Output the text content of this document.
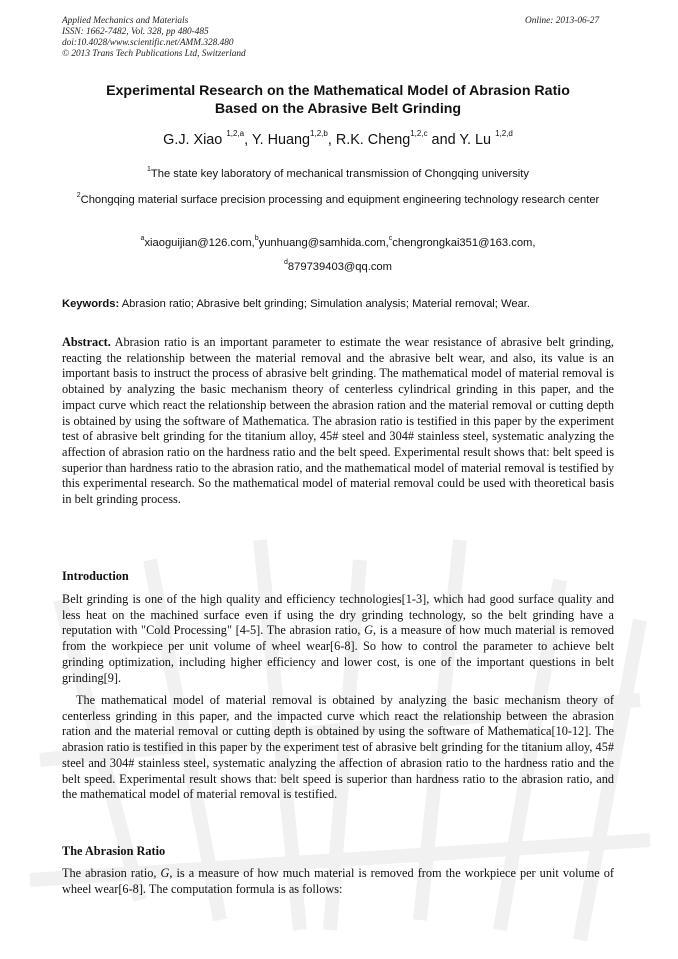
Applied Mechanics and Materials
ISSN: 1662-7482, Vol. 328, pp 480-485
doi:10.4028/www.scientific.net/AMM.328.480
© 2013 Trans Tech Publications Ltd, Switzerland
Online: 2013-06-27
Experimental Research on the Mathematical Model of Abrasion Ratio
Based on the Abrasive Belt Grinding
G.J. Xiao $^{1,2,a}$, Y. Huang$^{1,2,b}$, R.K. Cheng$^{1,2,c}$ and Y. Lu $^{1,2,d}$
$^1$The state key laboratory of mechanical transmission of Chongqing university
$^2$Chongqing material surface precision processing and equipment engineering technology research center
$^a$xiaoguijian@126.com,$^b$yunhuang@samhida.com,$^c$chengrongkai351@163.com,
$^d$879739403@qq.com
Keywords: Abrasion ratio; Abrasive belt grinding; Simulation analysis; Material removal; Wear.
Abstract. Abrasion ratio is an important parameter to estimate the wear resistance of abrasive belt grinding, reacting the relationship between the material removal and the abrasive belt wear, and also, its value is an important basis to instruct the process of abrasive belt grinding. The mathematical model of material removal is obtained by analyzing the basic mechanism theory of centerless cylindrical grinding in this paper, and the impact curve which react the relationship between the abrasion ration and the material removal or cutting depth is obtained by using the software of Mathematica. The abrasion ratio is testified in this paper by the experiment test of abrasive belt grinding for the titanium alloy, 45# steel and 304# stainless steel, systematic analyzing the affection of abrasion ratio on the hardness ratio and the belt speed. Experimental result shows that: belt speed is superior than hardness ratio to the abrasion ratio, and the mathematical model of material removal is testified by this experimental research. So the mathematical model of material removal could be used with theoretical basis in belt grinding process.
Introduction
Belt grinding is one of the high quality and efficiency technologies[1-3], which had good surface quality and less heat on the machined surface even if using the dry grinding technology, so the belt grinding have a reputation with "Cold Processing" [4-5]. The abrasion ratio, G, is a measure of how much material is removed from the workpiece per unit volume of wheel wear[6-8]. So how to control the parameter to achieve belt grinding optimization, including higher efficiency and lower cost, is one of the important questions in belt grinding[9].
The mathematical model of material removal is obtained by analyzing the basic mechanism theory of centerless grinding in this paper, and the impacted curve which react the relationship between the abrasion ration and the material removal or cutting depth is obtained by using the software of Mathematica[10-12]. The abrasion ratio is testified in this paper by the experiment test of abrasive belt grinding for the titanium alloy, 45# steel and 304# stainless steel, systematic analyzing the affection of abrasion ratio to the hardness ratio and the belt speed. Experimental result shows that: belt speed is superior than hardness ratio to the abrasion ratio, and the mathematical model of material removal is testified.
The Abrasion Ratio
The abrasion ratio, G, is a measure of how much material is removed from the workpiece per unit volume of wheel wear[6-8]. The computation formula is as follows:
